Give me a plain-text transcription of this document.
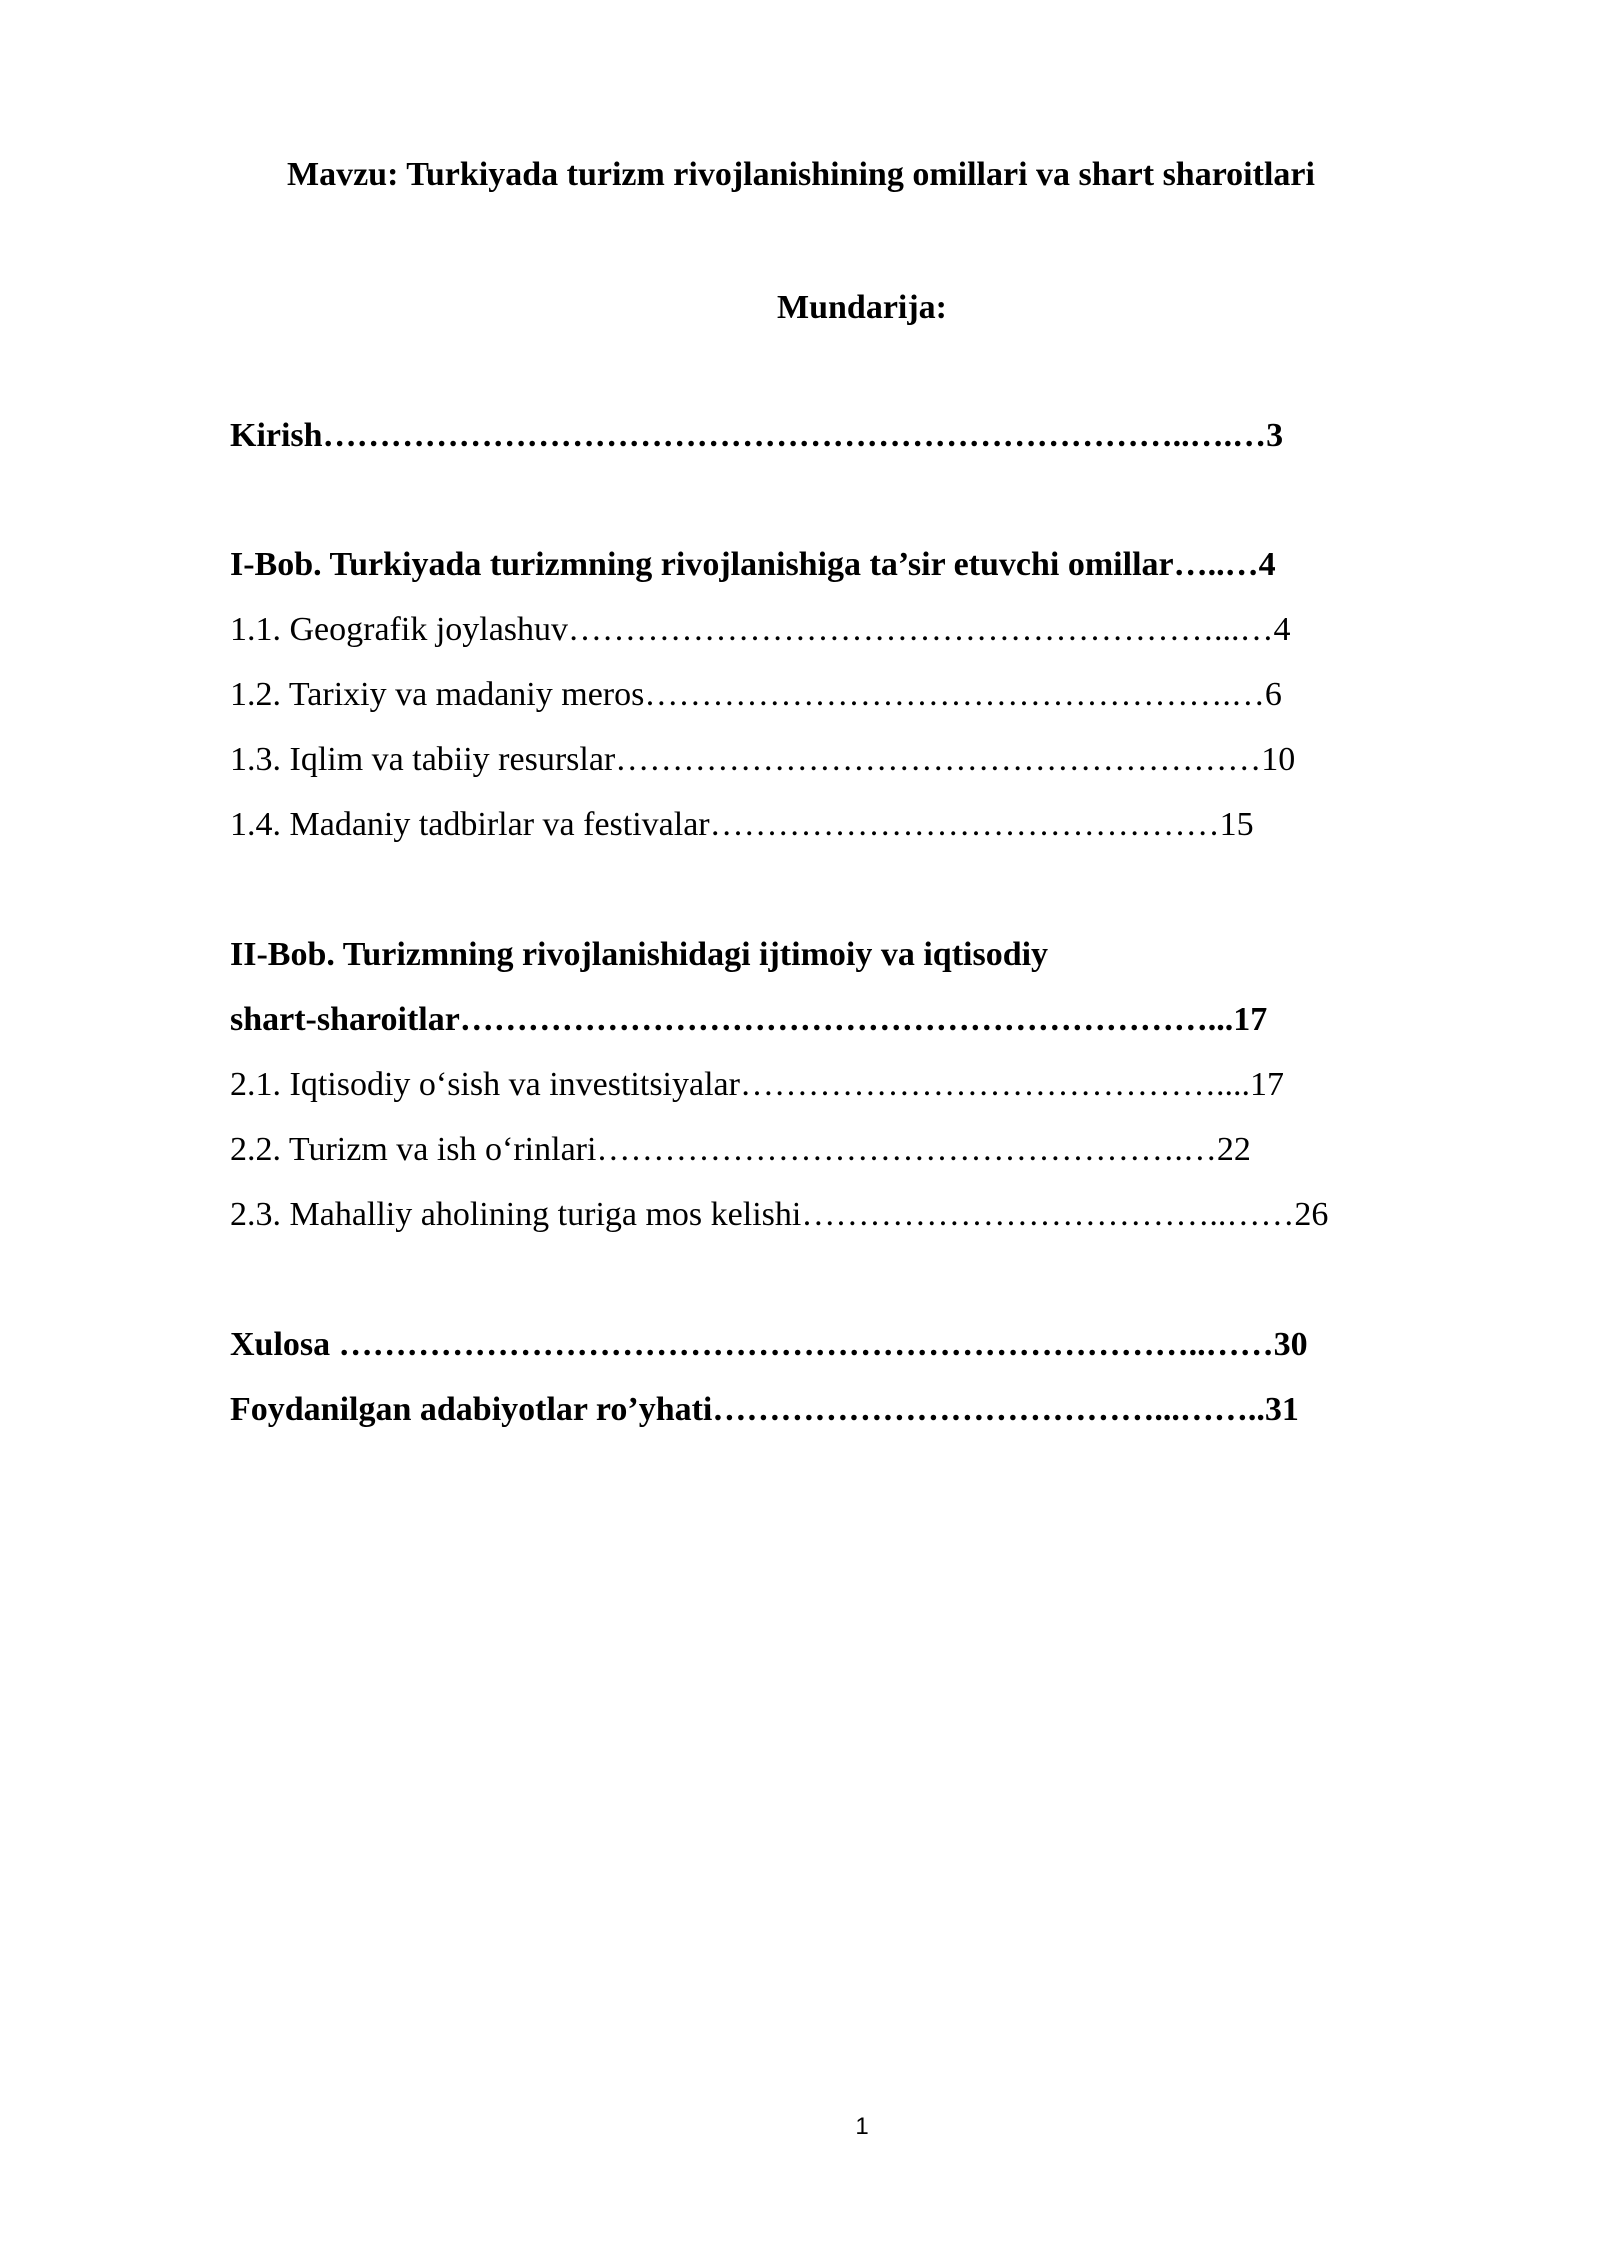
Mavzu: Turkiyada turizm rivojlanishining omillari va shart sharoitlari

Mundarija:

Kirish…………………………………………………………………..….…3

I-Bob. Turkiyada turizmning rivojlanishiga ta’sir etuvchi omillar…..…4

1.1. Geografik joylashuv…………………………………………………...…4

1.2. Tarixiy va madaniy meros…………………………………………….…6

1.3. Iqlim va tabiiy resurslar…………………………………………………10

1.4. Madaniy tadbirlar va festivalar………………………………………15

II-Bob. Turizmning rivojlanishidagi ijtimoiy va iqtisodiy

shart-sharoitlar…………………………………………………………...17

2.1. Iqtisodiy o‘sish va investitsiyalar……………………………………....17

2.2. Turizm va ish o‘rinlari…………………………………………….…22

2.3. Mahalliy aholining turiga mos kelishi………………………………..……26

Xulosa …………………………………………………………………..……30

Foydanilgan adabiyotlar ro’yhati…………………………………...……..31

1
